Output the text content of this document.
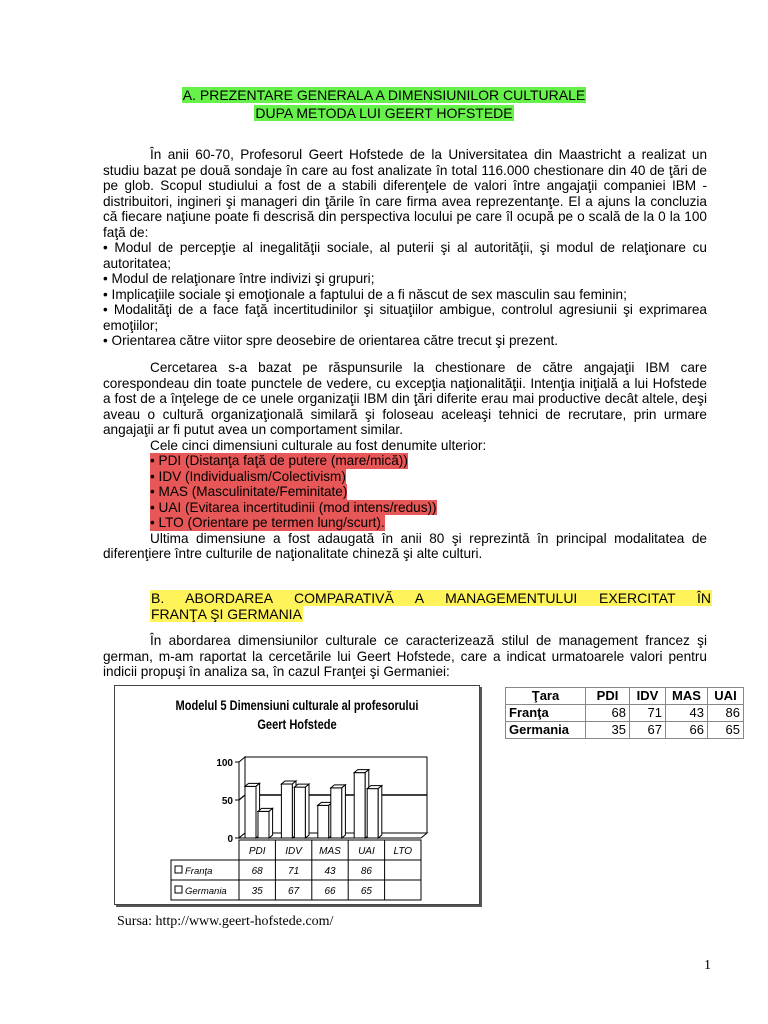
A. PREZENTARE GENERALA A DIMENSIUNILOR CULTURALE
DUPA METODA LUI GEERT HOFSTEDE

În anii 60-70, Profesorul Geert Hofstede de la Universitatea din Maastricht a realizat un studiu bazat pe două sondaje în care au fost analizate în total 116.000 chestionare din 40 de ţări de pe glob. Scopul studiului a fost de a stabili diferenţele de valori între angajaţii companiei IBM - distribuitori, ingineri şi manageri din ţările în care firma avea reprezentanţe. El a ajuns la concluzia că fiecare naţiune poate fi descrisă din perspectiva locului pe care îl ocupă pe o scală de la 0 la 100 faţă de:

• Modul de percepţie al inegalităţii sociale, al puterii şi al autorităţii, şi modul de relaţionare cu autoritatea;
• Modul de relaţionare între indivizi şi grupuri;
• Implicaţiile sociale şi emoţionale a faptului de a fi născut de sex masculin sau feminin;
• Modalităţi de a face faţă incertitudinilor şi situaţiilor ambigue, controlul agresiunii şi exprimarea emoţiilor;
• Orientarea către viitor spre deosebire de orientarea către trecut şi prezent.

Cercetarea s-a bazat pe răspunsurile la chestionare de către angajaţii IBM care corespondeau din toate punctele de vedere, cu excepţia naţionalităţii. Intenţia iniţială a lui Hofstede a fost de a înţelege de ce unele organizaţii IBM din ţări diferite erau mai productive decât altele, deşi aveau o cultură organizaţională similară şi foloseau aceleaşi tehnici de recrutare, prin urmare angajaţii ar fi putut avea un comportament similar.

Cele cinci dimensiuni culturale au fost denumite ulterior:

• PDI (Distanţa faţă de putere (mare/mică))
• IDV (Individualism/Colectivism)
• MAS (Masculinitate/Feminitate)
• UAI (Evitarea incertitudinii (mod intens/redus))
• LTO (Orientare pe termen lung/scurt).

Ultima dimensiune a fost adaugată în anii 80 şi reprezintă în principal modalitatea de diferenţiere între culturile de naţionalitate chineză şi alte culturi.

B. ABORDAREA COMPARATIVĂ A MANAGEMENTULUI EXERCITAT ÎN
FRANŢA ŞI GERMANIA

În abordarea dimensiunilor culturale ce caracterizează stilul de management francez şi german, m-am raportat la cercetările lui Geert Hofstede, care a indicat urmatoarele valori pentru indicii propuşi în analiza sa, în cazul Franţei şi Germaniei:

Modelul 5 Dimensiuni culturale al profesorului
Geert Hofstede
100
50
0
PDI IDV MAS UAI LTO
Franţa	68	71	43	86
Germania 35	67	66	65
Ţara	PDI	IDV	MAS	UAI
Franţa	68	71	43	86
Germania	35	67	66	65
Sursa: http://www.geert-hofstede.com/
1
